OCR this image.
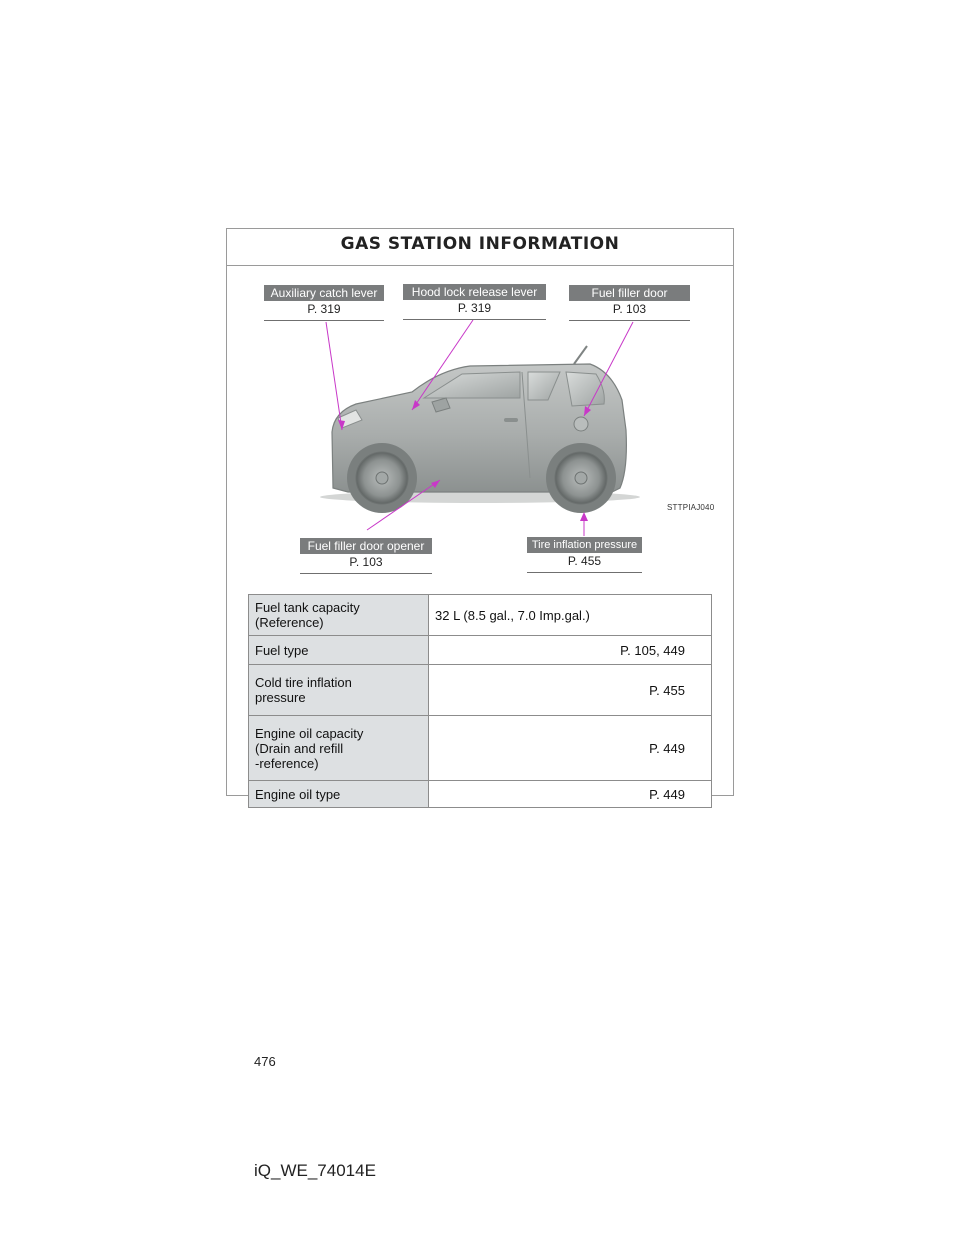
GAS STATION INFORMATION
Auxiliary catch lever
P. 319
Hood lock release lever
P. 319
Fuel filler door
P. 103
Fuel filler door opener
P. 103
Tire inflation pressure
P. 455
STTPIAJ040
Fuel tank capacity
(Reference)	32 L (8.5 gal., 7.0 Imp.gal.)

Fuel type	P. 105, 449

Cold tire inflation
pressure	P. 455

Engine oil capacity
(Drain and refill
-reference)	P. 449

Engine oil type	P. 449
476
iQ_WE_74014E
